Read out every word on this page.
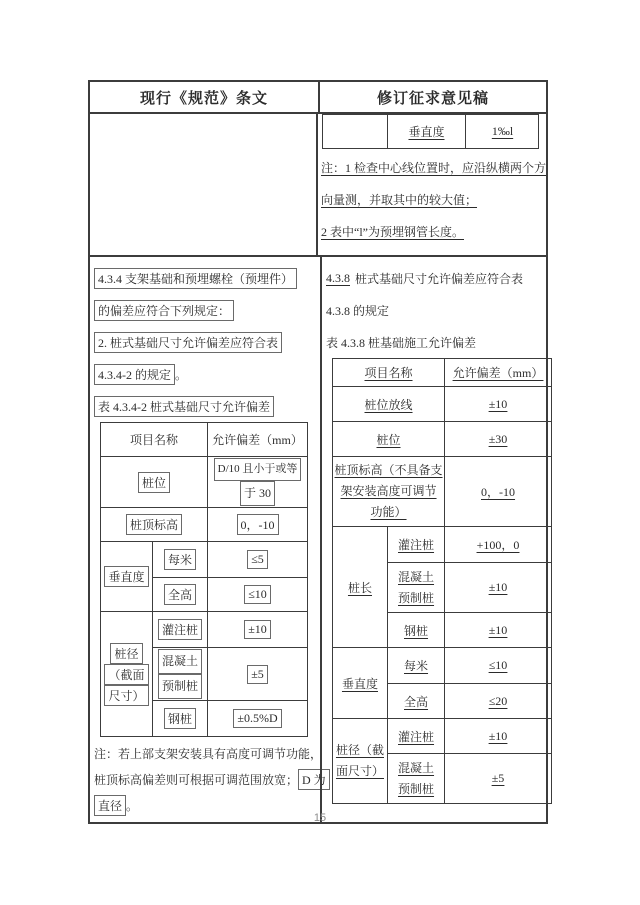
现行《规范》条文	修订征求意见稿
垂直度	1‰l
注：1 检查中心线位置时，应沿纵横两个方
向量测，并取其中的较大值；
2 表中“l”为预埋钢管长度。
4.3.4 支架基础和预埋螺栓（预埋件）
的偏差应符合下列规定：
2. 桩式基础尺寸允许偏差应符合表
4.3.4-2 的规定 。
表 4.3.4-2 桩式基础尺寸允许偏差
项目名称		允许偏差（mm）
桩位		D/10 且小于或等
于 30

桩顶标高		0，-10
垂直度	每米	≤5
	全高	≤10

桩径
（截面
尺寸）	灌注桩	±10

	混凝土
预制桩	±5
	钢桩	±0.5%D
注：若上部支架安装具有高度可调节功能，
桩顶标高偏差则可根据可调范围放宽； D 为
直径 。
4.3.8 桩式基础尺寸允许偏差应符合表
4.3.8 的规定
表 4.3.8 桩基础施工允许偏差
项目名称		允许偏差（mm）
桩位放线		±10
桩位		±30

桩顶标高（不具备支
架安装高度可调节
功能）		0，-10
桩长	灌注桩	+100，0

	混凝土
预制桩	±10
	钢桩	±10
垂直度	每米	≤10
	全高	≤20

桩径（截
面尺寸）	灌注桩	±10

	混凝土
预制桩	±5
15
